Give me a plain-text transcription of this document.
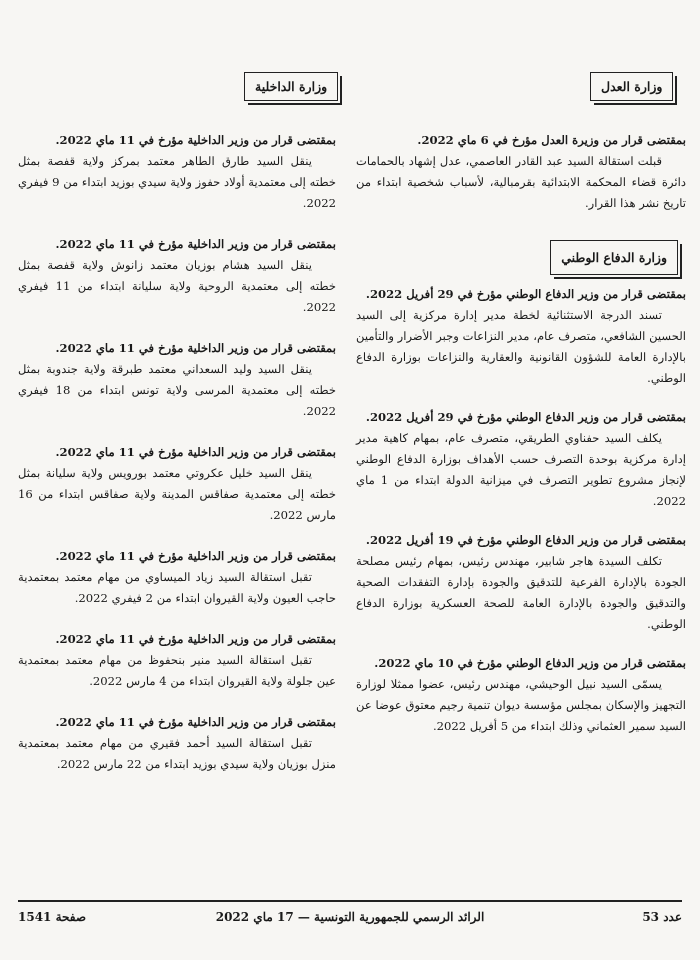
وزارة العدل
وزارة الداخلية

بمقتضى قرار من وزيرة العدل مؤرخ في 6 ماي 2022.

قبلت استقالة السيد عبد القادر العاصمي، عدل إشهاد بالحمامات دائرة قضاء المحكمة الابتدائية بقرمبالية، لأسباب شخصية ابتداء من تاريخ نشر هذا القرار.

وزارة الدفاع الوطني

بمقتضى قرار من وزير الدفاع الوطني مؤرخ في 29 أفريل 2022.

تسند الدرجة الاستثنائية لخطة مدير إدارة مركزية إلى السيد الحسين الشافعي، متصرف عام، مدير النزاعات وجبر الأضرار والتأمين بالإدارة العامة للشؤون القانونية والعقارية والنزاعات بوزارة الدفاع الوطني.

بمقتضى قرار من وزير الدفاع الوطني مؤرخ في 29 أفريل 2022.

يكلف السيد حفناوي الطريقي، متصرف عام، بمهام كاهية مدير إدارة مركزية بوحدة التصرف حسب الأهداف بوزارة الدفاع الوطني لإنجاز مشروع تطوير التصرف في ميزانية الدولة ابتداء من 1 ماي 2022.

بمقتضى قرار من وزير الدفاع الوطني مؤرخ في 19 أفريل 2022.

تكلف السيدة هاجر شابير، مهندس رئيس، بمهام رئيس مصلحة الجودة بالإدارة الفرعية للتدقيق والجودة بإدارة التفقدات الصحية والتدقيق والجودة بالإدارة العامة للصحة العسكرية بوزارة الدفاع الوطني.

بمقتضى قرار من وزير الدفاع الوطني مؤرخ في 10 ماي 2022.

يسمّى السيد نبيل الوحيشي، مهندس رئيس، عضوا ممثلا لوزارة التجهيز والإسكان بمجلس مؤسسة ديوان تنمية رجيم معتوق عوضا عن السيد سمير العثماني وذلك ابتداء من 5 أفريل 2022.

بمقتضى قرار من وزير الداخلية مؤرخ في 11 ماي 2022.

ينقل السيد طارق الطاهر معتمد بمركز ولاية قفصة بمثل خطته إلى معتمدية أولاد حفوز ولاية سيدي بوزيد ابتداء من 9 فيفري 2022.

بمقتضى قرار من وزير الداخلية مؤرخ في 11 ماي 2022.

ينقل السيد هشام بوزيان معتمد زانوش ولاية قفصة بمثل خطته إلى معتمدية الروحية ولاية سليانة ابتداء من 11 فيفري 2022.

بمقتضى قرار من وزير الداخلية مؤرخ في 11 ماي 2022.

ينقل السيد وليد السعداني معتمد طبرقة ولاية جندوبة بمثل خطته إلى معتمدية المرسى ولاية تونس ابتداء من 18 فيفري 2022.

بمقتضى قرار من وزير الداخلية مؤرخ في 11 ماي 2022.

ينقل السيد خليل عكروتي معتمد بورويس ولاية سليانة بمثل خطته إلى معتمدية صفاقس المدينة ولاية صفاقس ابتداء من 16 مارس 2022.

بمقتضى قرار من وزير الداخلية مؤرخ في 11 ماي 2022.

تقبل استقالة السيد زياد الميساوي من مهام معتمد بمعتمدية حاجب العيون ولاية القيروان ابتداء من 2 فيفري 2022.

بمقتضى قرار من وزير الداخلية مؤرخ في 11 ماي 2022.

تقبل استقالة السيد منير بنحفوظ من مهام معتمد بمعتمدية عين جلولة ولاية القيروان ابتداء من 4 مارس 2022.

بمقتضى قرار من وزير الداخلية مؤرخ في 11 ماي 2022.

تقبل استقالة السيد أحمد فقيري من مهام معتمد بمعتمدية منزل بوزيان ولاية سيدي بوزيد ابتداء من 22 مارس 2022.

عدد 53
الرائد الرسمي للجمهورية التونسية — 17 ماي 2022
صفحة 1541
